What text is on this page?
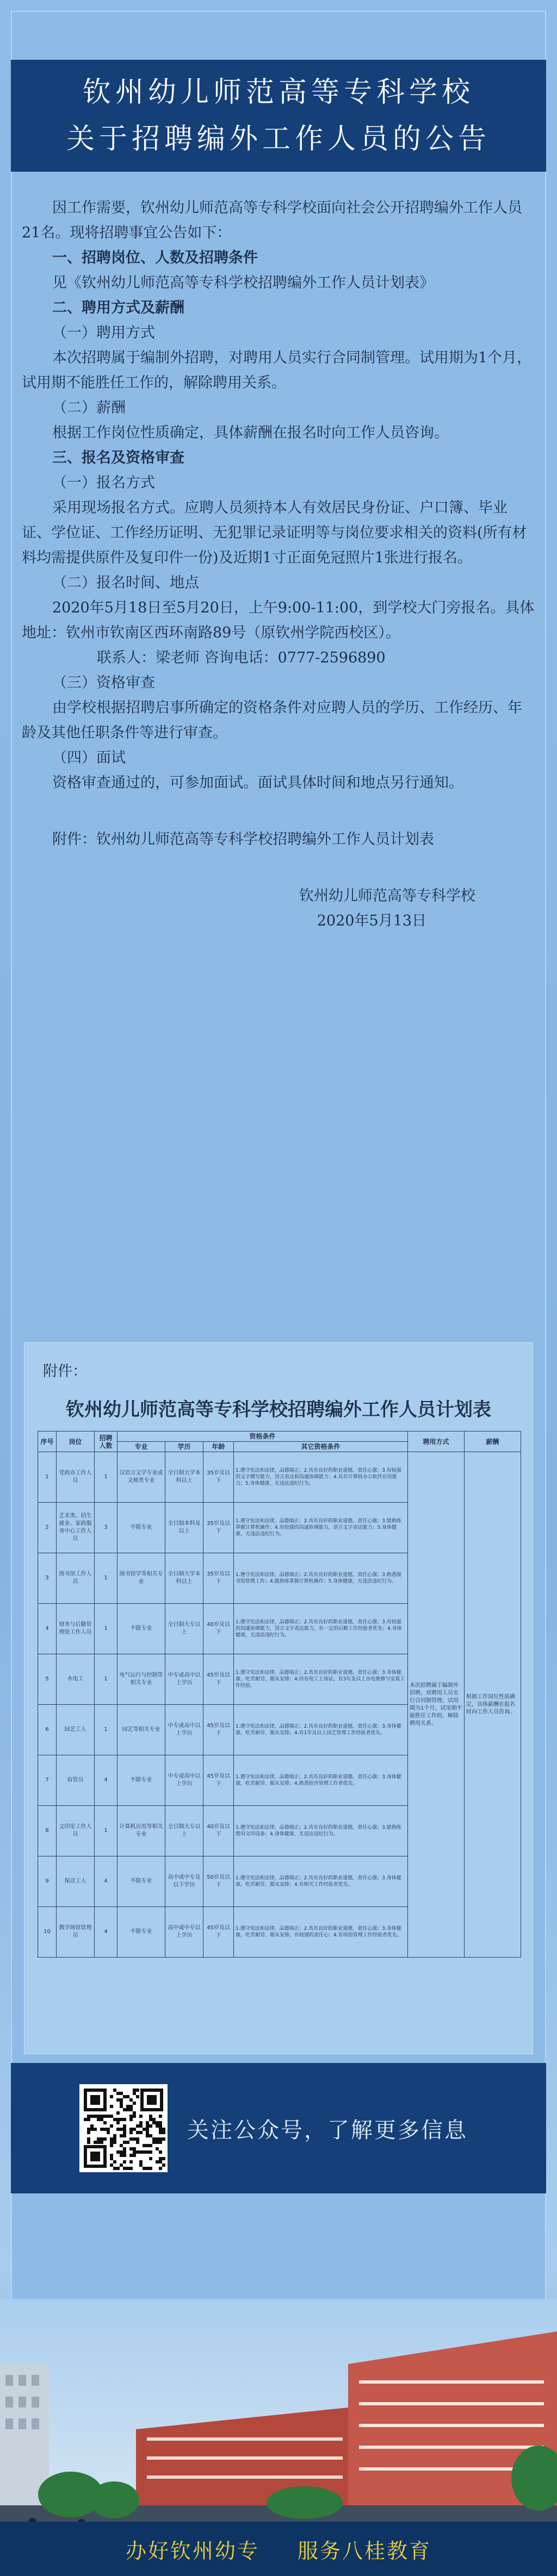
钦州幼儿师范高等专科学校
关于招聘编外工作人员的公告

因工作需要，钦州幼儿师范高等专科学校面向社会公开招聘编外工作人员21名。现将招聘事宜公告如下：

一、招聘岗位、人数及招聘条件

见《钦州幼儿师范高等专科学校招聘编外工作人员计划表》

二、聘用方式及薪酬

（一）聘用方式

本次招聘属于编制外招聘，对聘用人员实行合同制管理。试用期为1个月，试用期不能胜任工作的，解除聘用关系。

（二）薪酬

根据工作岗位性质确定，具体薪酬在报名时向工作人员咨询。

三、报名及资格审查

（一）报名方式

采用现场报名方式。应聘人员须持本人有效居民身份证、户口簿、毕业证、学位证、工作经历证明、无犯罪记录证明等与岗位要求相关的资料(所有材料均需提供原件及复印件一份)及近期1寸正面免冠照片1张进行报名。

（二）报名时间、地点

2020年5月18日至5月20日，上午9:00-11:00，到学校大门旁报名。具体地址：钦州市钦南区西环南路89号（原钦州学院西校区）。

联系人：梁老师 咨询电话：0777-2596890

（三）资格审查

由学校根据招聘启事所确定的资格条件对应聘人员的学历、工作经历、年龄及其他任职条件等进行审查。

（四）面试

资格审查通过的，可参加面试。面试具体时间和地点另行通知。

附件：钦州幼儿师范高等专科学校招聘编外工作人员计划表

钦州幼儿师范高等专科学校

2020年5月13日

附件：
钦州幼儿师范高等专科学校招聘编外工作人员计划表
序号	岗位	招聘人数	资格条件				聘用方式	薪酬
			专业	学历	年龄	其它资格条件		
1	党政办工作人员	1	汉语言文学专业或文秘类专业	全日制大学本科以上	35岁及以下	1.遵守宪法和法律，品德端正；2.具有良好的职业道德，责任心强；3.有较强的文字撰写能力，语言表达和沟通协调能力；4.具有计算机办公软件应用能力；5.身体健康，无违法违纪行为。	本次招聘属于编制外招聘，对聘用人员实行合同制管理，试用期为1个月，试用期不能胜任工作的，解除聘用关系。	根据工作岗位性质确定，具体薪酬在报名时向工作人员咨询。
2	艺术类、招生就业、家政服务中心工作人员	3	不限专业	全日制本科及以上	35岁及以下	1.遵守宪法和法律，品德端正；2.具有良好的职业道德，责任心强；3.能熟练掌握计算机操作；4.有较强的沟通协调能力，语言文字表达能力；5.身体健康，无违法违纪行为。		
3	图书馆工作人员	1	图书馆学等相关专业	全日制大学本科以上	35岁及以下	1.遵守宪法和法律，品德端正；2.具有良好的职业道德，责任心强；3.熟悉图书馆管理工作；4.能熟练掌握计算机操作；5.身体健康，无违法违纪行为。		
4	财务与后勤管理处工作人员	1	不限专业	全日制大专以上	40岁及以下	1.遵守宪法和法律，品德端正；2.具有良好的职业道德，责任心强；3.有较强的沟通协调能力，语言文字表达能力，有一定的后勤工作经验者优先；4.身体健康，无违法违纪行为。		
5	水电工	1	电气运行与控制等相关专业	中专或高中以上学历	45岁及以下	1.遵守宪法和法律，品德端正；2.具有良好的职业道德，责任心强；3.身体健康，吃苦耐劳，服从安排；4.持有电工上岗证，有3年及以上水电维修与安装工作经验。		
6	园艺工人	1	园艺等相关专业	中专或高中以上学历	45岁及以下	1.遵守宪法和法律，品德端正；2.具有良好的职业道德，责任心强；3.身体健康，吃苦耐劳，服从安排；4.有1年及以上园艺管理工作经验者优先。		
7	宿管员	4	不限专业	中专或高中以上学历	45岁及以下	1.遵守宪法和法律，品德端正；2.具有良好的职业道德，责任心强；3.身体健康，吃苦耐劳，服从安排；4.熟悉宿舍管理工作者优先。		
8	文印室工作人员	1	计算机应用等相关专业	全日制大专以上	40岁及以下	1.遵守宪法和法律，品德端正；2.具有良好的职业道德，责任心强；3.能熟练使用文印设备；4.身体健康，无违法违纪行为。		
9	保洁工人	4	不限专业	高中或中专及以下学历	50岁及以下	1.遵守宪法和法律，品德端正；2.具有良好的职业道德，责任心强；3.身体健康，吃苦耐劳，服从安排；4.有相关工作经验者优先。		
10	教学场馆管理员	4	不限专业	高中或中专以上学历	45岁及以下	1.遵守宪法和法律，品德端正；2.具有良好的职业道德，责任心强；3.身体健康，吃苦耐劳，服从安排，有较强的责任心；4.有场馆管理工作经验者优先。		
关注公众号，了解更多信息
办好钦州幼专 服务八桂教育
